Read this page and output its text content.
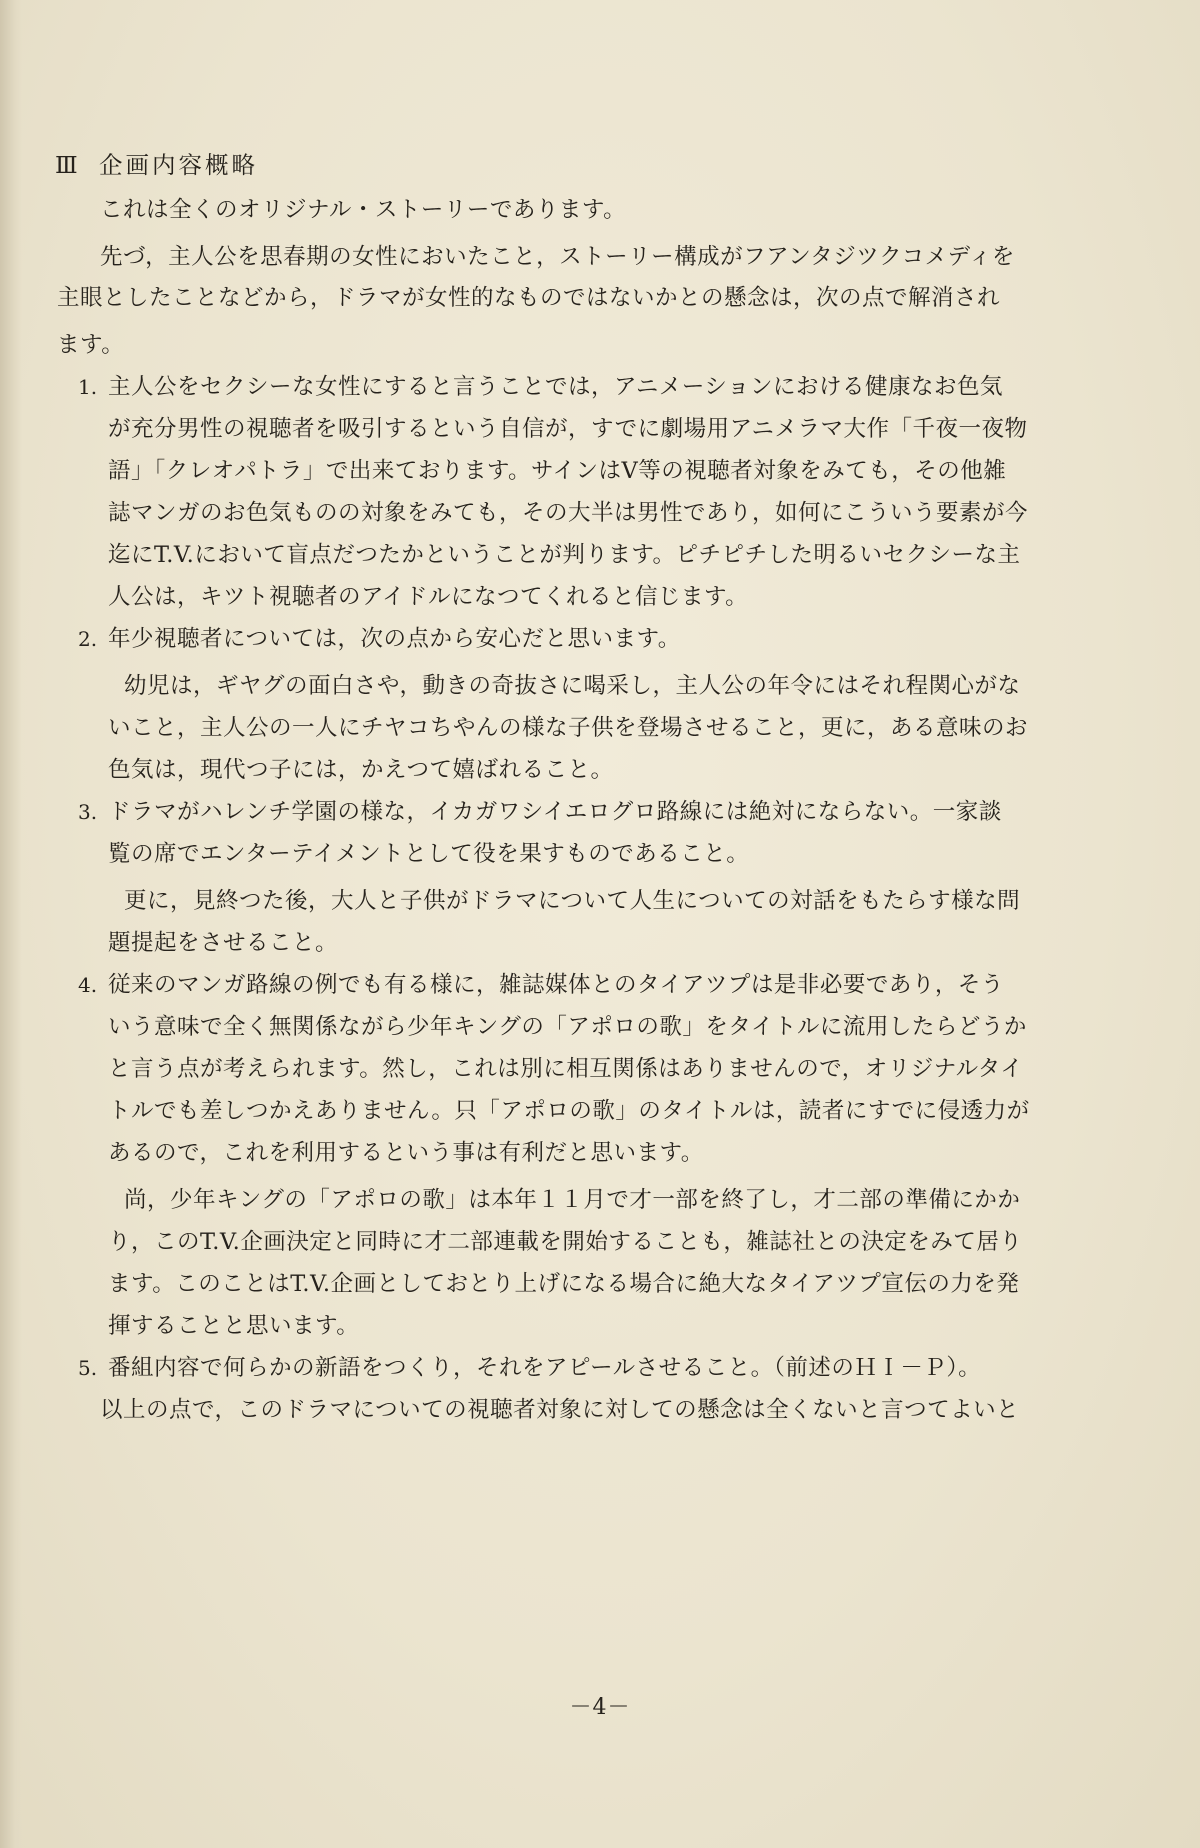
Ⅲ 企画内容概略
これは全くのオリジナル・ストーリーであります。
先づ，主人公を思春期の女性においたこと，ストーリー構成がフアンタジツクコメディを
主眼としたことなどから，ドラマが女性的なものではないかとの懸念は，次の点で解消され
ます。
1. 主人公をセクシーな女性にすると言うことでは，アニメーションにおける健康なお色気
が充分男性の視聴者を吸引するという自信が，すでに劇場用アニメラマ大作「千夜一夜物
語」「クレオパトラ」で出来ております。サインはV等の視聴者対象をみても，その他雑
誌マンガのお色気ものの対象をみても，その大半は男性であり，如何にこういう要素が今
迄にT.V.において盲点だつたかということが判ります。ピチピチした明るいセクシーな主
人公は，キツト視聴者のアイドルになつてくれると信じます。
2. 年少視聴者については，次の点から安心だと思います。
幼児は，ギヤグの面白さや，動きの奇抜さに喝采し，主人公の年令にはそれ程関心がな
いこと，主人公の一人にチヤコちやんの様な子供を登場させること，更に，ある意味のお
色気は，現代つ子には，かえつて嬉ばれること。
3. ドラマがハレンチ学園の様な，イカガワシイエログロ路線には絶対にならない。一家談
覧の席でエンターテイメントとして役を果すものであること。
更に，見終つた後，大人と子供がドラマについて人生についての対話をもたらす様な問
題提起をさせること。
4. 従来のマンガ路線の例でも有る様に，雑誌媒体とのタイアツプは是非必要であり，そう
いう意味で全く無関係ながら少年キングの「アポロの歌」をタイトルに流用したらどうか
と言う点が考えられます。然し，これは別に相互関係はありませんので，オリジナルタイ
トルでも差しつかえありません。只「アポロの歌」のタイトルは，読者にすでに侵透力が
あるので，これを利用するという事は有利だと思います。
尚，少年キングの「アポロの歌」は本年１１月で才一部を終了し，才二部の準備にかか
り，このT.V.企画決定と同時に才二部連載を開始することも，雑誌社との決定をみて居り
ます。このことはT.V.企画としておとり上げになる場合に絶大なタイアツプ宣伝の力を発
揮することと思います。
5. 番組内容で何らかの新語をつくり，それをアピールさせること。（前述のＨＩ－Ｐ）。
以上の点で，このドラマについての視聴者対象に対しての懸念は全くないと言つてよいと
－4－
